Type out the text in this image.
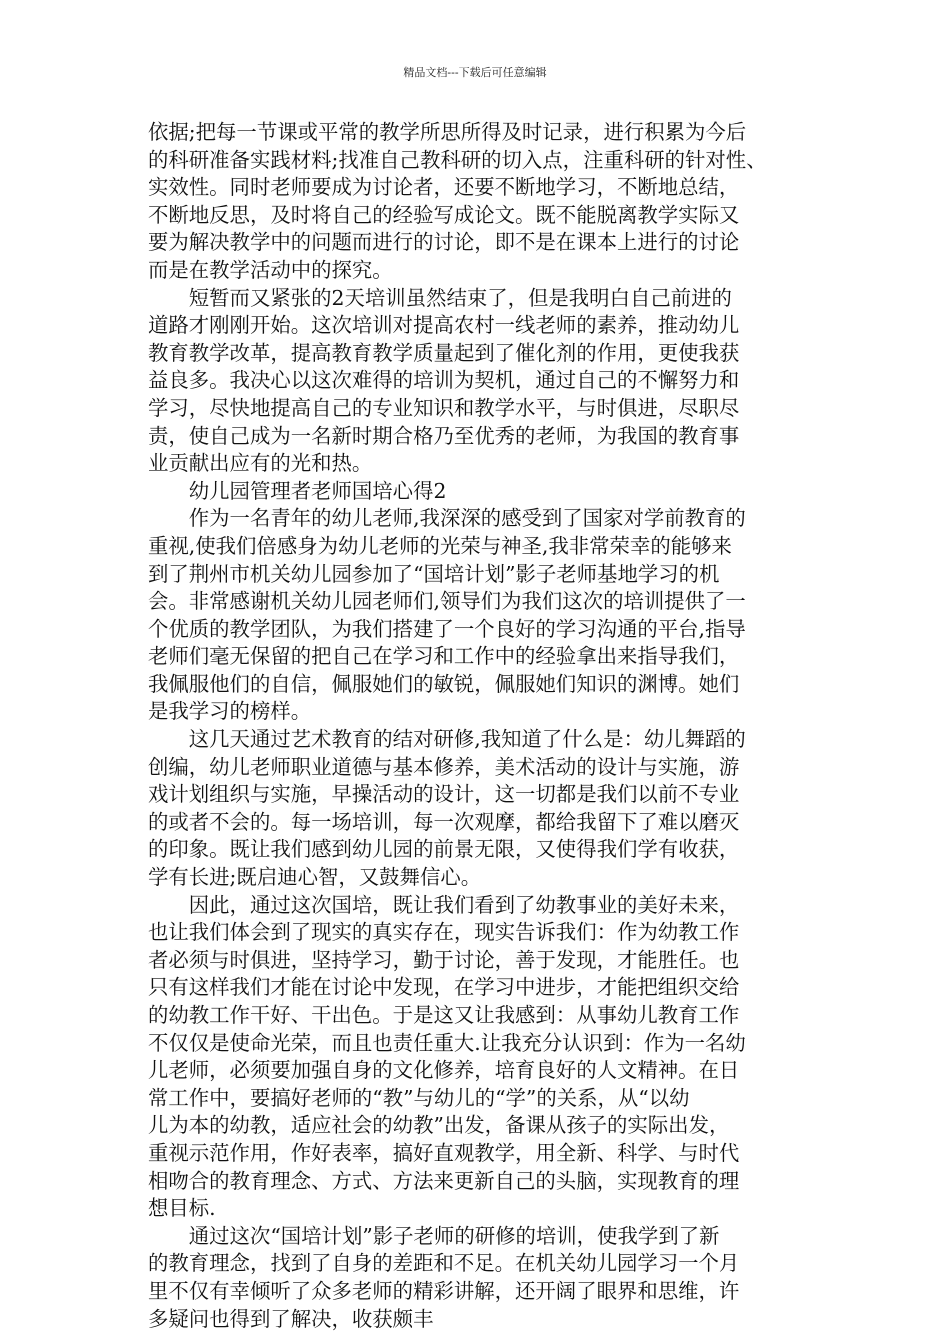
精品文档---下载后可任意编辑
依据;把每一节课或平常的教学所思所得及时记录，进行积累为今后
的科研准备实践材料;找准自己教科研的切入点，注重科研的针对性、
实效性。同时老师要成为讨论者，还要不断地学习，不断地总结，
不断地反思，及时将自己的经验写成论文。既不能脱离教学实际又
要为解决教学中的问题而进行的讨论，即不是在课本上进行的讨论
而是在教学活动中的探究。
　　短暂而又紧张的2天培训虽然结束了，但是我明白自己前进的
道路才刚刚开始。这次培训对提高农村一线老师的素养，推动幼儿
教育教学改革，提高教育教学质量起到了催化剂的作用，更使我获
益良多。我决心以这次难得的培训为契机，通过自己的不懈努力和
学习，尽快地提高自己的专业知识和教学水平，与时俱进，尽职尽
责，使自己成为一名新时期合格乃至优秀的老师，为我国的教育事
业贡献出应有的光和热。
　　幼儿园管理者老师国培心得2
　　作为一名青年的幼儿老师,我深深的感受到了国家对学前教育的
重视,使我们倍感身为幼儿老师的光荣与神圣,我非常荣幸的能够来
到了荆州市机关幼儿园参加了“国培计划”影子老师基地学习的机
会。非常感谢机关幼儿园老师们,领导们为我们这次的培训提供了一
个优质的教学团队，为我们搭建了一个良好的学习沟通的平台,指导
老师们毫无保留的把自己在学习和工作中的经验拿出来指导我们，
我佩服他们的自信，佩服她们的敏锐，佩服她们知识的渊博。她们
是我学习的榜样。
　　这几天通过艺术教育的结对研修,我知道了什么是：幼儿舞蹈的
创编，幼儿老师职业道德与基本修养，美术活动的设计与实施，游
戏计划组织与实施，早操活动的设计，这一切都是我们以前不专业
的或者不会的。每一场培训，每一次观摩，都给我留下了难以磨灭
的印象。既让我们感到幼儿园的前景无限，又使得我们学有收获，
学有长进;既启迪心智，又鼓舞信心。
　　因此，通过这次国培，既让我们看到了幼教事业的美好未来，
也让我们体会到了现实的真实存在，现实告诉我们：作为幼教工作
者必须与时俱进，坚持学习，勤于讨论，善于发现，才能胜任。也
只有这样我们才能在讨论中发现，在学习中进步，才能把组织交给
的幼教工作干好、干出色。于是这又让我感到：从事幼儿教育工作
不仅仅是使命光荣，而且也责任重大.让我充分认识到：作为一名幼
儿老师，必须要加强自身的文化修养，培育良好的人文精神。在日
常工作中，要搞好老师的“教”与幼儿的“学”的关系，从“以幼
儿为本的幼教，适应社会的幼教”出发，备课从孩子的实际出发，
重视示范作用，作好表率，搞好直观教学，用全新、科学、与时代
相吻合的教育理念、方式、方法来更新自己的头脑，实现教育的理
想目标.
　　通过这次“国培计划”影子老师的研修的培训，使我学到了新
的教育理念，找到了自身的差距和不足。在机关幼儿园学习一个月
里不仅有幸倾听了众多老师的精彩讲解，还开阔了眼界和思维，许
多疑问也得到了解决，收获颇丰
